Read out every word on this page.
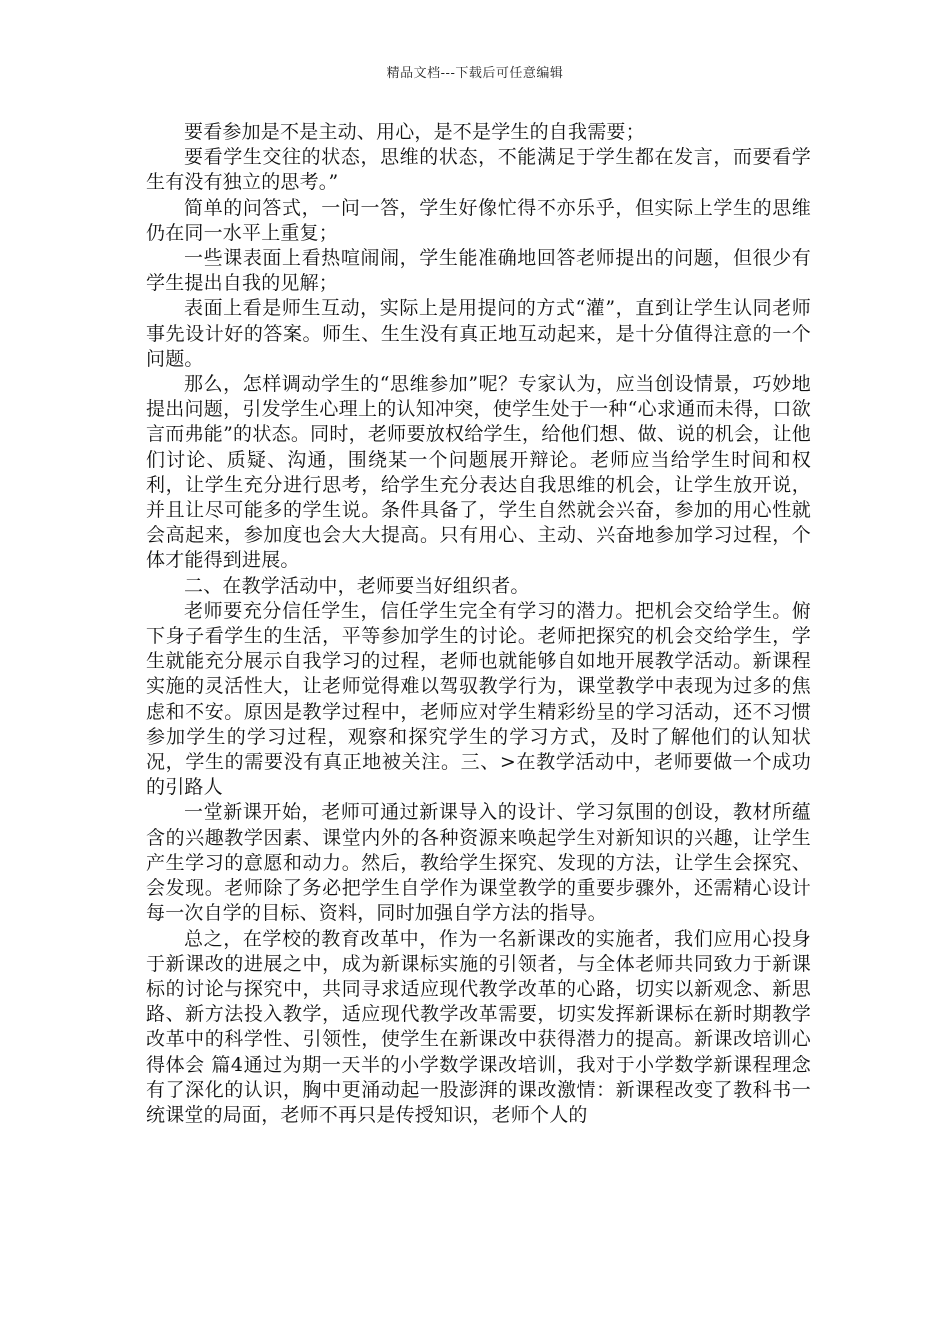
精品文档---下载后可任意编辑

要看参加是不是主动、用心，是不是学生的自我需要；

要看学生交往的状态，思维的状态，不能满足于学生都在发言，而要看学生有没有独立的思考。”

简单的问答式，一问一答，学生好像忙得不亦乐乎，但实际上学生的思维仍在同一水平上重复；

一些课表面上看热喧闹闹，学生能准确地回答老师提出的问题，但很少有学生提出自我的见解；

表面上看是师生互动，实际上是用提问的方式“灌”，直到让学生认同老师事先设计好的答案。师生、生生没有真正地互动起来，是十分值得注意的一个问题。

那么，怎样调动学生的“思维参加”呢？专家认为，应当创设情景，巧妙地提出问题，引发学生心理上的认知冲突，使学生处于一种“心求通而未得，口欲言而弗能”的状态。同时，老师要放权给学生，给他们想、做、说的机会，让他们讨论、质疑、沟通，围绕某一个问题展开辩论。老师应当给学生时间和权利，让学生充分进行思考，给学生充分表达自我思维的机会，让学生放开说，并且让尽可能多的学生说。条件具备了，学生自然就会兴奋，参加的用心性就会高起来，参加度也会大大提高。只有用心、主动、兴奋地参加学习过程，个体才能得到进展。

二、在教学活动中，老师要当好组织者。

老师要充分信任学生，信任学生完全有学习的潜力。把机会交给学生。俯下身子看学生的生活，平等参加学生的讨论。老师把探究的机会交给学生，学生就能充分展示自我学习的过程，老师也就能够自如地开展教学活动。新课程实施的灵活性大，让老师觉得难以驾驭教学行为，课堂教学中表现为过多的焦虑和不安。原因是教学过程中，老师应对学生精彩纷呈的学习活动，还不习惯参加学生的学习过程，观察和探究学生的学习方式，及时了解他们的认知状况，学生的需要没有真正地被关注。三、>在教学活动中，老师要做一个成功的引路人

一堂新课开始，老师可通过新课导入的设计、学习氛围的创设，教材所蕴含的兴趣教学因素、课堂内外的各种资源来唤起学生对新知识的兴趣，让学生产生学习的意愿和动力。然后，教给学生探究、发现的方法，让学生会探究、会发现。老师除了务必把学生自学作为课堂教学的重要步骤外，还需精心设计每一次自学的目标、资料，同时加强自学方法的指导。

总之，在学校的教育改革中，作为一名新课改的实施者，我们应用心投身于新课改的进展之中，成为新课标实施的引领者，与全体老师共同致力于新课标的讨论与探究中，共同寻求适应现代教学改革的心路，切实以新观念、新思路、新方法投入教学，适应现代教学改革需要，切实发挥新课标在新时期教学改革中的科学性、引领性，使学生在新课改中获得潜力的提高。新课改培训心得体会 篇4通过为期一天半的小学数学课改培训，我对于小学数学新课程理念有了深化的认识，胸中更涌动起一股澎湃的课改激情：新课程改变了教科书一统课堂的局面，老师不再只是传授知识，老师个人的
